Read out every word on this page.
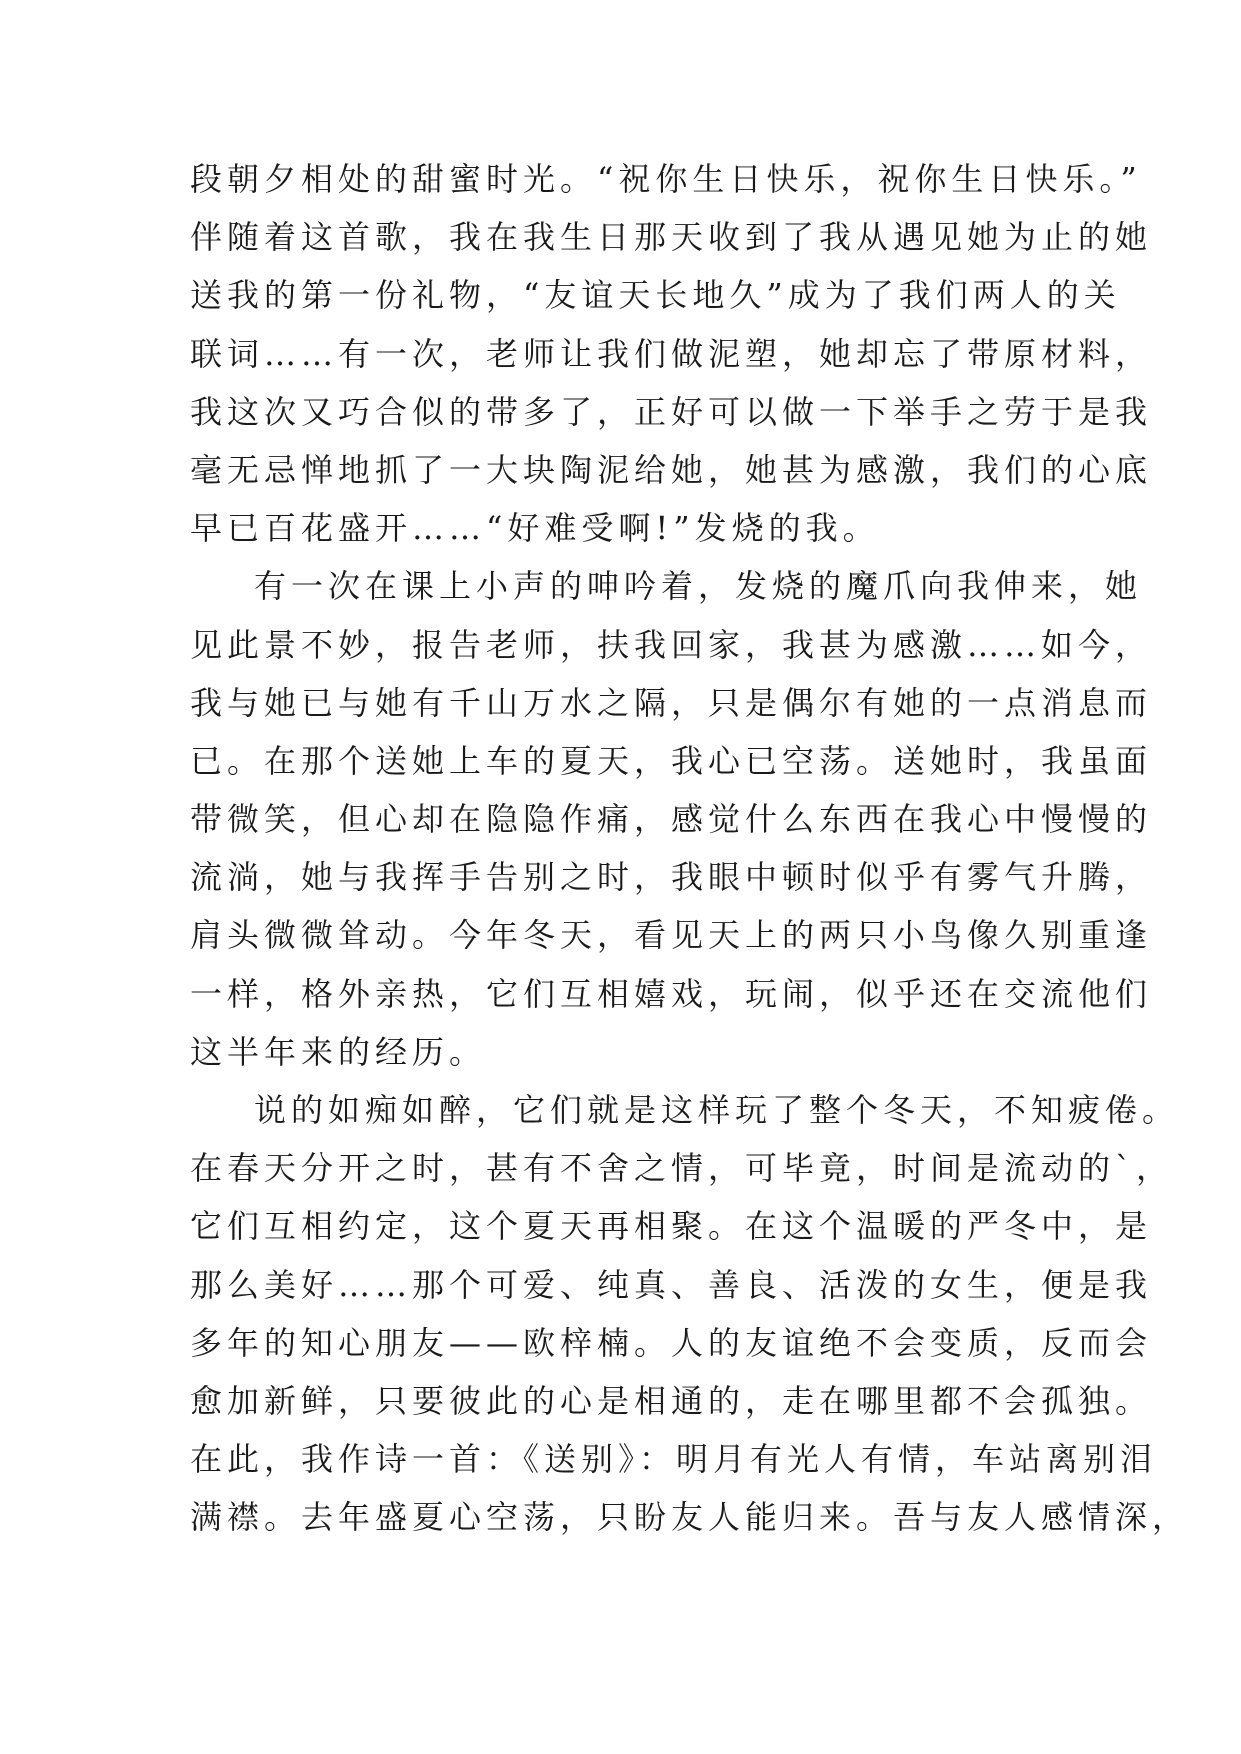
段朝夕相处的甜蜜时光。“祝你生日快乐，祝你生日快乐。”
伴随着这首歌，我在我生日那天收到了我从遇见她为止的她
送我的第一份礼物，“友谊天长地久”成为了我们两人的关
联词……有一次，老师让我们做泥塑，她却忘了带原材料，
我这次又巧合似的带多了，正好可以做一下举手之劳于是我
毫无忌惮地抓了一大块陶泥给她，她甚为感激，我们的心底
早已百花盛开……“好难受啊!”发烧的我。
有一次在课上小声的呻吟着，发烧的魔爪向我伸来，她
见此景不妙，报告老师，扶我回家，我甚为感激……如今，
我与她已与她有千山万水之隔，只是偶尔有她的一点消息而
已。在那个送她上车的夏天，我心已空荡。送她时，我虽面
带微笑，但心却在隐隐作痛，感觉什么东西在我心中慢慢的
流淌，她与我挥手告别之时，我眼中顿时似乎有雾气升腾，
肩头微微耸动。今年冬天，看见天上的两只小鸟像久别重逢
一样，格外亲热，它们互相嬉戏，玩闹，似乎还在交流他们
这半年来的经历。
说的如痴如醉，它们就是这样玩了整个冬天，不知疲倦。
在春天分开之时，甚有不舍之情，可毕竟，时间是流动的`，
它们互相约定，这个夏天再相聚。在这个温暖的严冬中，是
那么美好……那个可爱、纯真、善良、活泼的女生，便是我
多年的知心朋友——欧梓楠。人的友谊绝不会变质，反而会
愈加新鲜，只要彼此的心是相通的，走在哪里都不会孤独。
在此，我作诗一首：《送别》：明月有光人有情，车站离别泪
满襟。去年盛夏心空荡，只盼友人能归来。吾与友人感情深，
